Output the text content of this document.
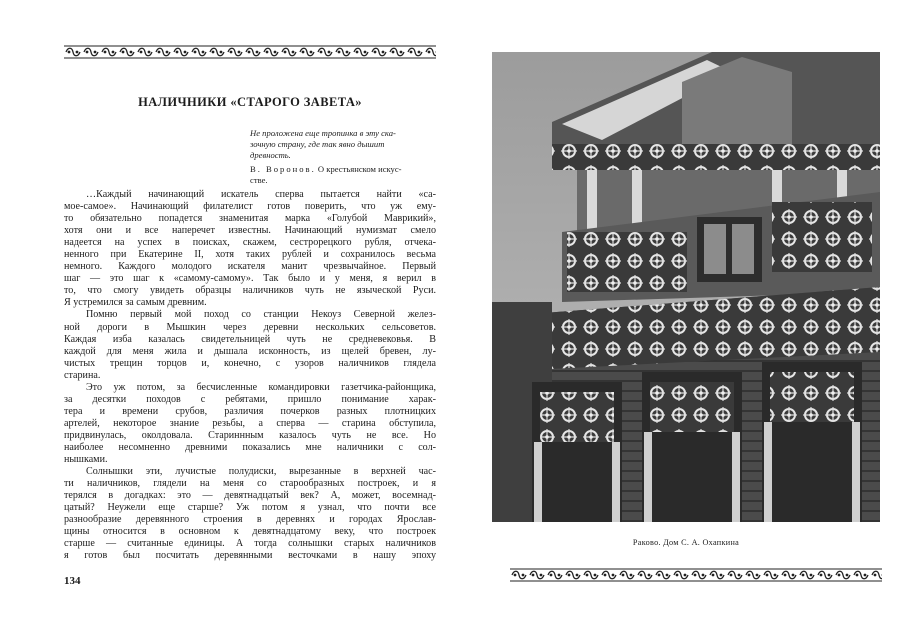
НАЛИЧНИКИ «СТАРОГО ЗАВЕТА»
Не проложена еще тропинка в эту ска-
зочную страну, где так явно дышит
древность.
В. Воронов. О крестьянском искус-
стве.
…Каждый начинающий искатель сперва пытается найти «са-
мое-самое». Начинающий филателист готов поверить, что уж ему-
то обязательно попадется знаменитая марка «Голубой Маврикий»,
хотя они и все наперечет известны. Начинающий нумизмат смело
надеется на успех в поисках, скажем, сестрорецкого рубля, отчека-
ненного при Екатерине II, хотя таких рублей и сохранилось весьма
немного. Каждого молодого искателя манит чрезвычайное. Первый
шаг — это шаг к «самому-самому». Так было и у меня, я верил в
то, что смогу увидеть образцы наличников чуть не языческой Руси.
Я устремился за самым древним.
Помню первый мой поход со станции Некоуз Северной желез-
ной дороги в Мышкин через деревни нескольких сельсоветов.
Каждая изба казалась свидетельницей чуть не средневековья. В
каждой для меня жила и дышала исконность, из щелей бревен, лу-
чистых трещин торцов и, конечно, с узоров наличников глядела
старина.
Это уж потом, за бесчисленные командировки газетчика-районщика,
за десятки походов с ребятами, пришло понимание харак-
тера и времени срубов, различия почерков разных плотницких
артелей, некоторое знание резьбы, а сперва — старина обступила,
придвинулась, околдовала. Стариннным казалось чуть не все. Но
наиболее несомненно древними показались мне наличники с сол-
нышками.
Солнышки эти, лучистые полудиски, вырезанные в верхней час-
ти наличников, глядели на меня со старообразных построек, и я
терялся в догадках: это — девятнадцатый век? А, может, восемнад-
цатый? Неужели еще старше? Уж потом я узнал, что почти все
разнообразие деревянного строения в деревнях и городах Ярослав-
щины относится в основном к девятнадцатому веку, что построек
старше — считанные единицы. А тогда солнышки старых наличников
я готов был посчитать деревянными весточками в нашу эпоху
134
Раково. Дом С. А. Охапкина
